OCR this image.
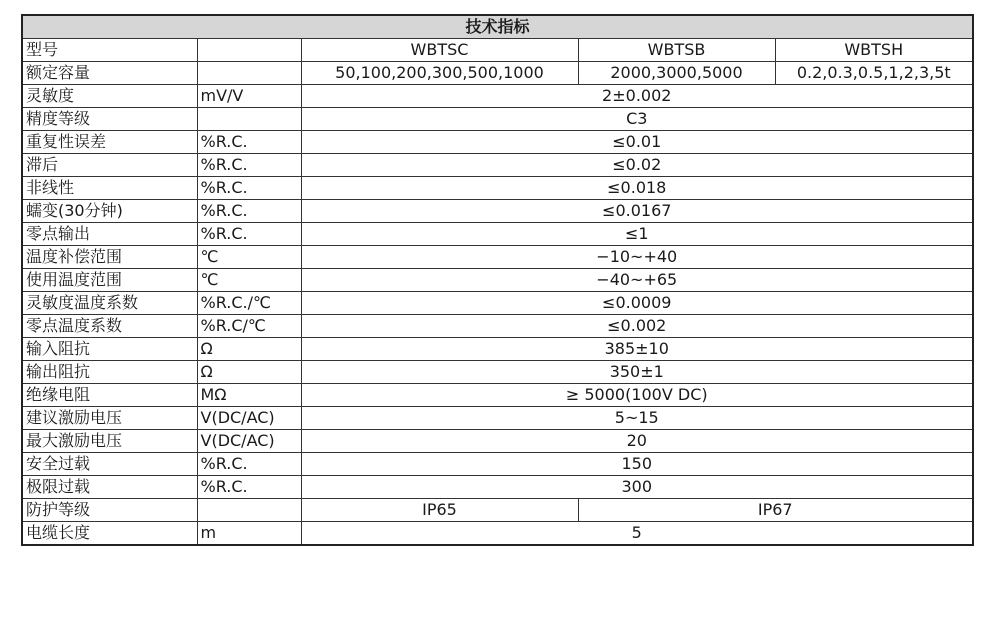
技术指标				
型号		WBTSC	WBTSB	WBTSH
额定容量		50,100,200,300,500,1000	2000,3000,5000	0.2,0.3,0.5,1,2,3,5t
灵敏度	mV/V	2±0.002		
精度等级		C3		
重复性误差	%R.C.	≤0.01		
滞后	%R.C.	≤0.02		
非线性	%R.C.	≤0.018		
蠕变(30分钟)	%R.C.	≤0.0167		
零点输出	%R.C.	≤1		
温度补偿范围	℃	−10~+40		
使用温度范围	℃	−40~+65		
灵敏度温度系数	%R.C./℃	≤0.0009		
零点温度系数	%R.C/℃	≤0.002		
输入阻抗	Ω	385±10		
输出阻抗	Ω	350±1		
绝缘电阻	MΩ	≥ 5000(100V DC)		
建议激励电压	V(DC/AC)	5~15		
最大激励电压	V(DC/AC)	20		
安全过载	%R.C.	150		
极限过载	%R.C.	300		
防护等级		IP65	IP67	
电缆长度	m	5		
